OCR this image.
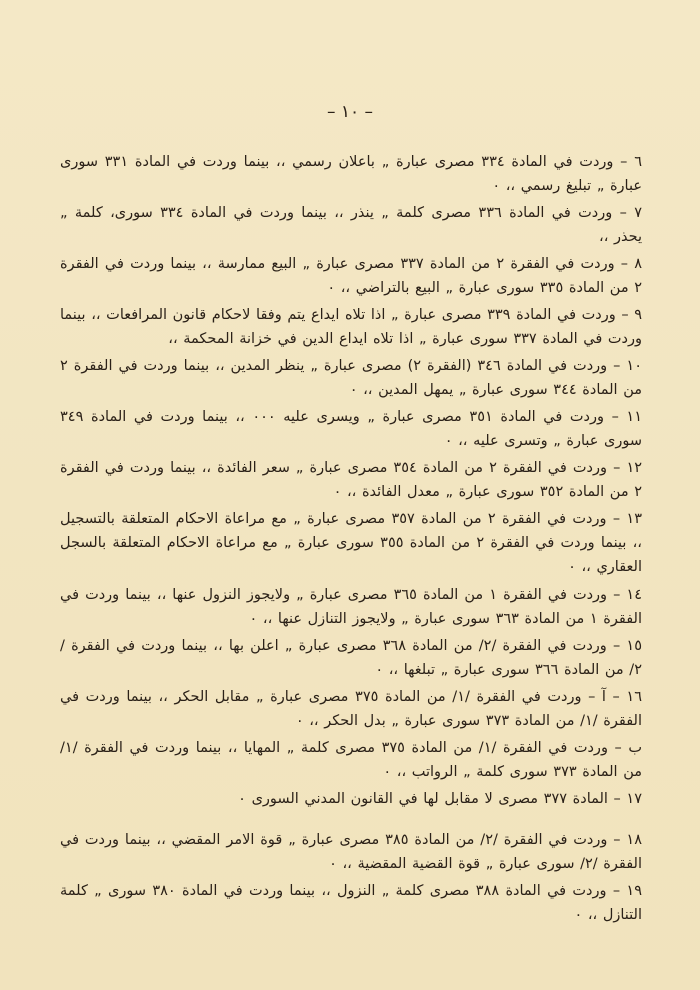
– ١٠ –

٦ – وردت في المادة ٣٣٤ مصرى عبارة „ باعلان رسمي ،، بينما وردت في المادة ٣٣١ سورى عبارة „ تبليغ رسمي ،، ٠

٧ – وردت في المادة ٣٣٦ مصرى كلمة „ ينذر ،، بينما وردت في المادة ٣٣٤ سورى، كلمة „ يحذر ،،

٨ – وردت في الفقرة ٢ من المادة ٣٣٧ مصرى عبارة „ البيع ممارسة ،، بينما وردت في الفقرة ٢ من المادة ٣٣٥ سورى عبارة „ البيع بالتراضي ،، ٠

٩ – وردت في المادة ٣٣٩ مصرى عبارة „ اذا تلاه ايداع يتم وفقا لاحكام قانون المرافعات ،، بينما وردت في المادة ٣٣٧ سورى عبارة „ اذا تلاه ايداع الدين في خزانة المحكمة ،،

١٠ – وردت في المادة ٣٤٦ (الفقرة ٢) مصرى عبارة „ ينظر المدين ،، بينما وردت في الفقرة ٢ من المادة ٣٤٤ سورى عبارة „ يمهل المدين ،، ٠

١١ – وردت في المادة ٣٥١ مصرى عبارة „ ويسرى عليه ٠٠٠ ،، بينما وردت في المادة ٣٤٩ سورى عبارة „ وتسرى عليه ،، ٠

١٢ – وردت في الفقرة ٢ من المادة ٣٥٤ مصرى عبارة „ سعر الفائدة ،، بينما وردت في الفقرة ٢ من المادة ٣٥٢ سورى عبارة „ معدل الفائدة ،، ٠

١٣ – وردت في الفقرة ٢ من المادة ٣٥٧ مصرى عبارة „ مع مراعاة الاحكام المتعلقة بالتسجيل ،، بينما وردت في الفقرة ٢ من المادة ٣٥٥ سورى عبارة „ مع مراعاة الاحكام المتعلقة بالسجل العقاري ،، ٠

١٤ – وردت في الفقرة ١ من المادة ٣٦٥ مصرى عبارة „ ولايجوز النزول عنها ،، بينما وردت في الفقرة ١ من المادة ٣٦٣ سورى عبارة „ ولايجوز التنازل عنها ،، ٠

١٥ – وردت في الفقرة /٢/ من المادة ٣٦٨ مصرى عبارة „ اعلن بها ،، بينما وردت في الفقرة /٢/ من المادة ٣٦٦ سورى عبارة „ تبلغها ،، ٠

١٦ – آ – وردت في الفقرة /١/ من المادة ٣٧٥ مصرى عبارة „ مقابل الحكر ،، بينما وردت في الفقرة /١/ من المادة ٣٧٣ سورى عبارة „ بدل الحكر ،، ٠

ب – وردت في الفقرة /١/ من المادة ٣٧٥ مصرى كلمة „ المهايا ،، بينما وردت في الفقرة /١/ من المادة ٣٧٣ سورى كلمة „ الرواتب ،، ٠

١٧ – المادة ٣٧٧ مصرى لا مقابل لها في القانون المدني السورى ٠

١٨ – وردت في الفقرة /٢/ من المادة ٣٨٥ مصرى عبارة „ قوة الامر المقضي ،، بينما وردت في الفقرة /٢/ سورى عبارة „ قوة القضية المقضية ،، ٠

١٩ – وردت في المادة ٣٨٨ مصرى كلمة „ النزول ،، بينما وردت في المادة ٣٨٠ سورى „ كلمة التنازل ،، ٠
